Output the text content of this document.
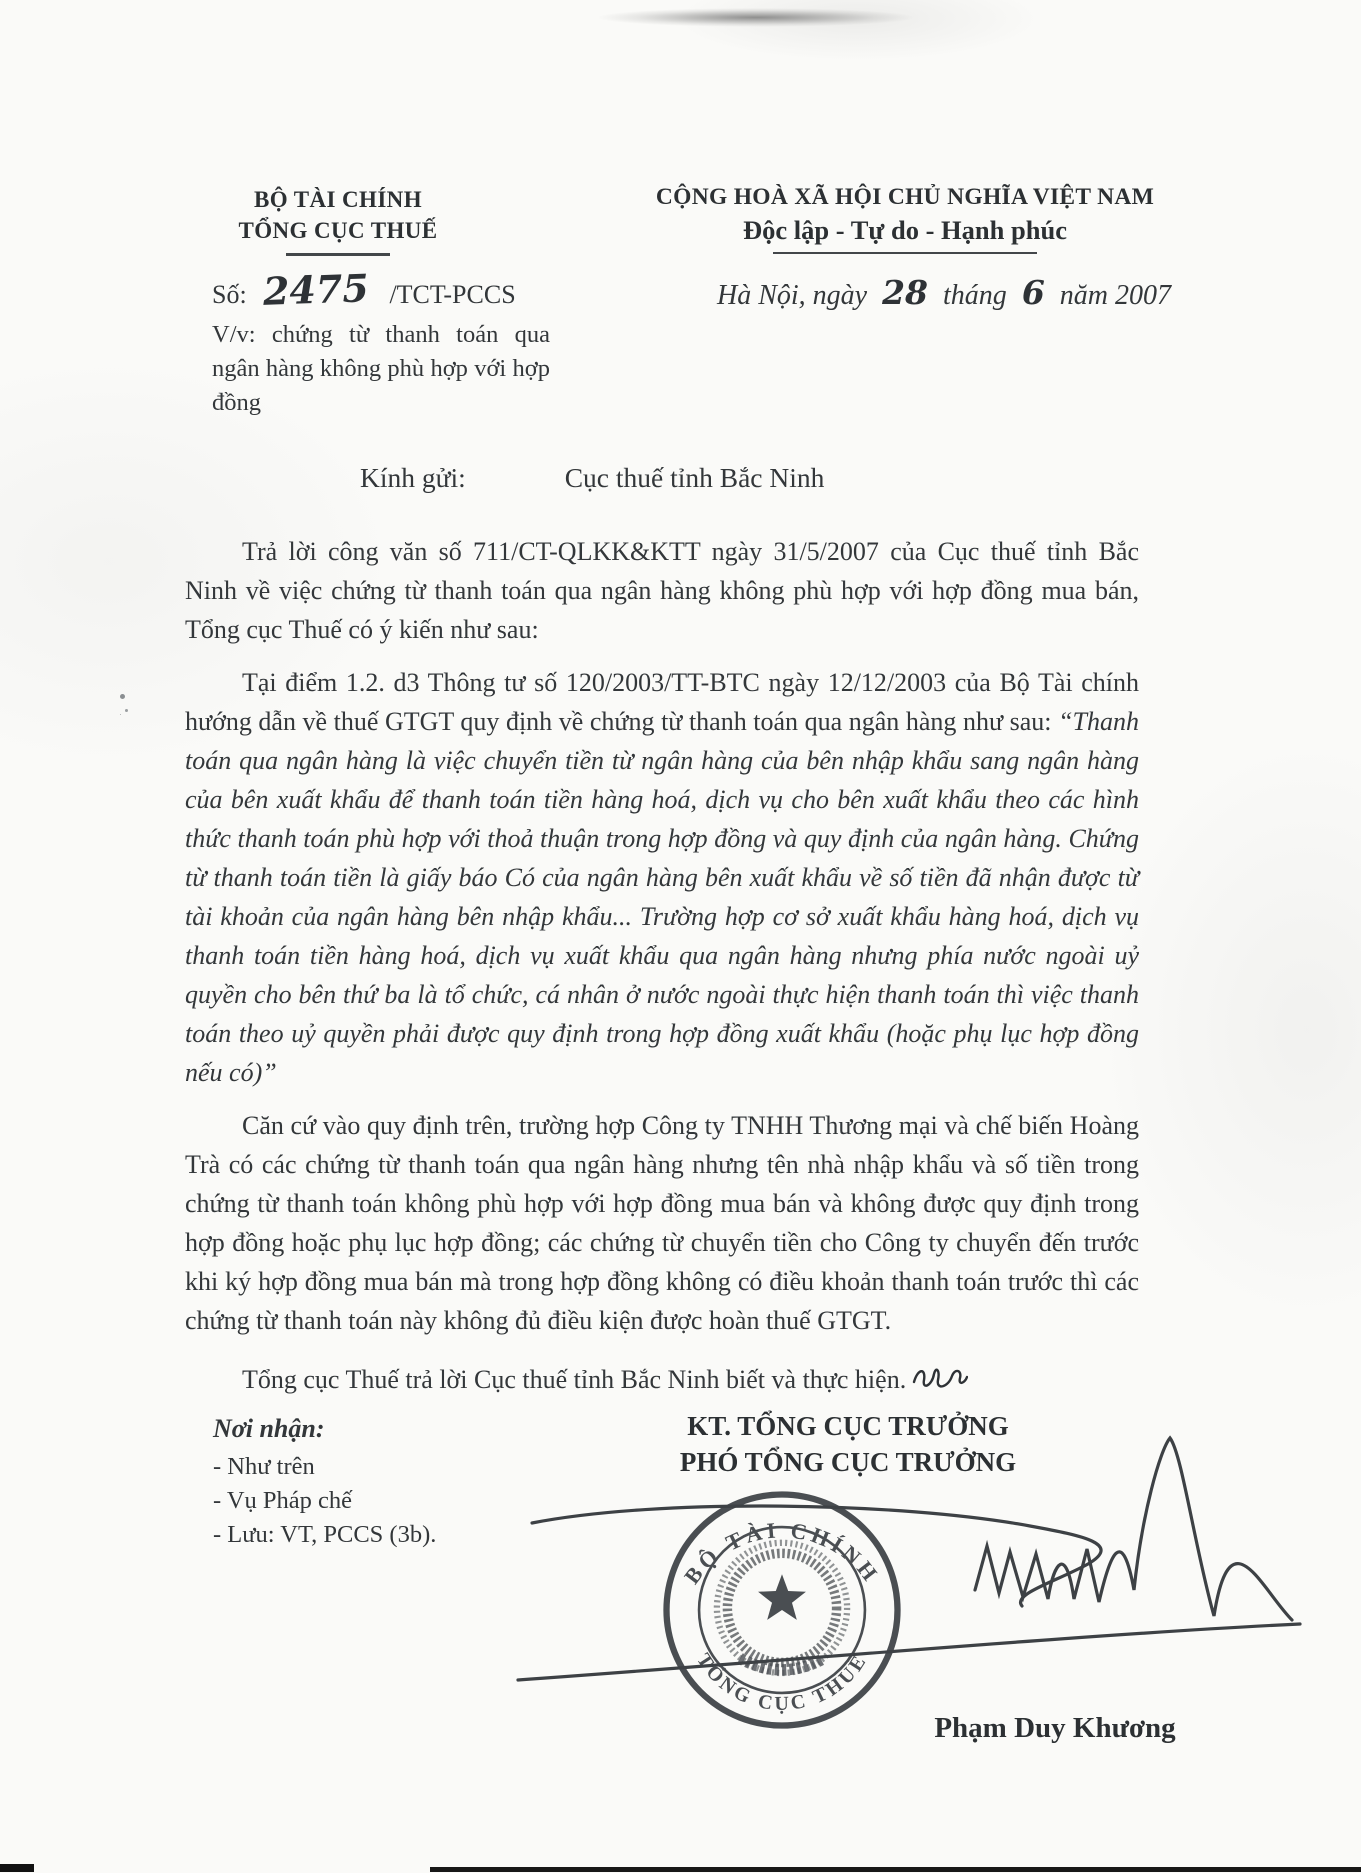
BỘ TÀI CHÍNH
TỔNG CỤC THUẾ
Số: 2475 /TCT-PCCS
V/v: chứng từ thanh toán qua ngân hàng không phù hợp với hợp đồng
CỘNG HOÀ XÃ HỘI CHỦ NGHĨA VIỆT NAM
Độc lập - Tự do - Hạnh phúc
Hà Nội, ngày 28 tháng 6 năm 2007
Kính gửi:	Cục thuế tỉnh Bắc Ninh

Trả lời công văn số 711/CT-QLKK&KTT ngày 31/5/2007 của Cục thuế tỉnh Bắc Ninh về việc chứng từ thanh toán qua ngân hàng không phù hợp với hợp đồng mua bán, Tổng cục Thuế có ý kiến như sau:

Tại điểm 1.2. d3 Thông tư số 120/2003/TT-BTC ngày 12/12/2003 của Bộ Tài chính hướng dẫn về thuế GTGT quy định về chứng từ thanh toán qua ngân hàng như sau: “Thanh toán qua ngân hàng là việc chuyển tiền từ ngân hàng của bên nhập khẩu sang ngân hàng của bên xuất khẩu để thanh toán tiền hàng hoá, dịch vụ cho bên xuất khẩu theo các hình thức thanh toán phù hợp với thoả thuận trong hợp đồng và quy định của ngân hàng. Chứng từ thanh toán tiền là giấy báo Có của ngân hàng bên xuất khẩu về số tiền đã nhận được từ tài khoản của ngân hàng bên nhập khẩu... Trường hợp cơ sở xuất khẩu hàng hoá, dịch vụ thanh toán tiền hàng hoá, dịch vụ xuất khẩu qua ngân hàng nhưng phía nước ngoài uỷ quyền cho bên thứ ba là tổ chức, cá nhân ở nước ngoài thực hiện thanh toán thì việc thanh toán theo uỷ quyền phải được quy định trong hợp đồng xuất khẩu (hoặc phụ lục hợp đồng nếu có)”

Căn cứ vào quy định trên, trường hợp Công ty TNHH Thương mại và chế biến Hoàng Trà có các chứng từ thanh toán qua ngân hàng nhưng tên nhà nhập khẩu và số tiền trong chứng từ thanh toán không phù hợp với hợp đồng mua bán và không được quy định trong hợp đồng hoặc phụ lục hợp đồng; các chứng từ chuyển tiền cho Công ty chuyển đến trước khi ký hợp đồng mua bán mà trong hợp đồng không có điều khoản thanh toán trước thì các chứng từ thanh toán này không đủ điều kiện được hoàn thuế GTGT.

Tổng cục Thuế trả lời Cục thuế tỉnh Bắc Ninh biết và thực hiện.

Nơi nhận:
- Như trên
- Vụ Pháp chế
- Lưu: VT, PCCS (3b).
KT. TỔNG CỤC TRƯỞNG
PHÓ TỔNG CỤC TRƯỞNG
BỘ TÀI CHÍNH
TỔNG CỤC THUẾ
Phạm Duy Khương
